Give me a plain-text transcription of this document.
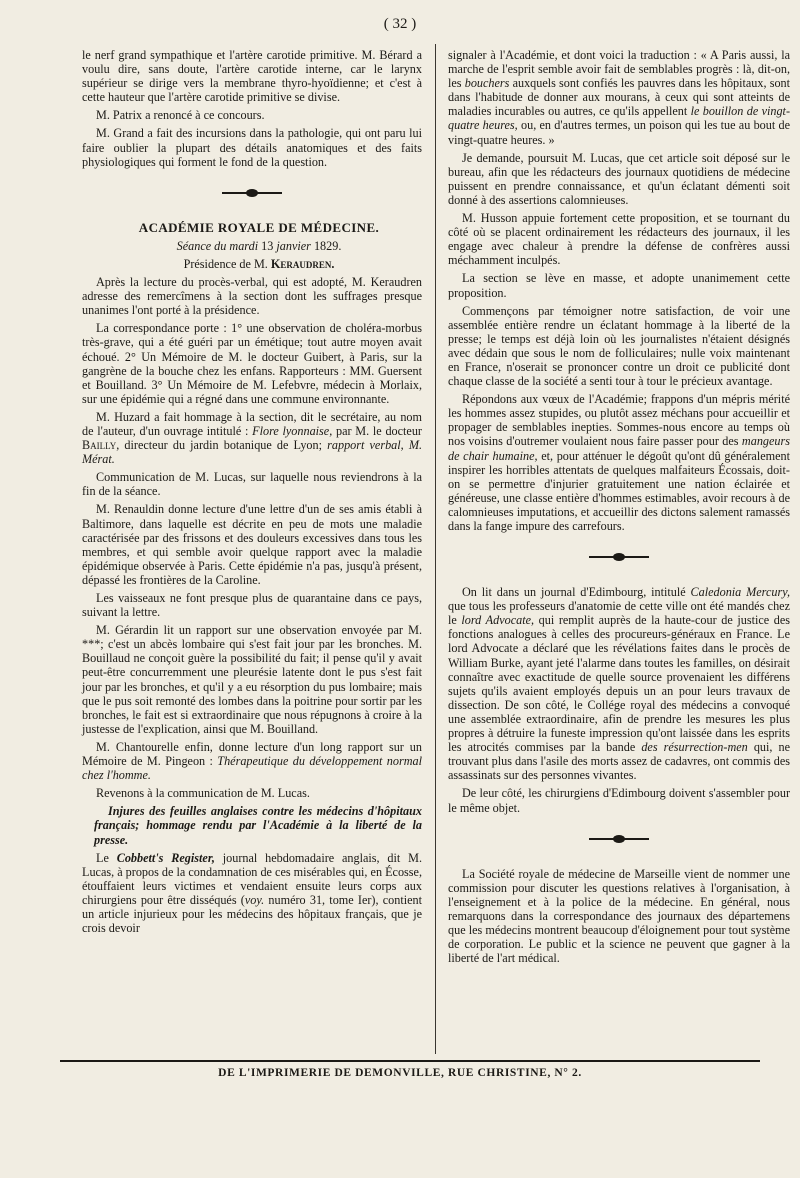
( 32 )

le nerf grand sympathique et l'artère carotide primitive. M. Bérard a voulu dire, sans doute, l'artère carotide interne, car le larynx supérieur se dirige vers la membrane thyro-hyoïdienne; et c'est à cette hauteur que l'artère carotide primitive se divise.

M. Patrix a renoncé à ce concours.

M. Grand a fait des incursions dans la pathologie, qui ont paru lui faire oublier la plupart des détails anatomiques et des faits physiologiques qui forment le fond de la question.

ACADÉMIE ROYALE DE MÉDECINE.

Séance du mardi 13 janvier 1829.

Présidence de M. Keraudren.

Après la lecture du procès-verbal, qui est adopté, M. Keraudren adresse des remercîmens à la section dont les suffrages presque unanimes l'ont porté à la présidence.

La correspondance porte : 1° une observation de choléra-morbus très-grave, qui a été guéri par un émétique; tout autre moyen avait échoué. 2° Un Mémoire de M. le docteur Guibert, à Paris, sur la gangrène de la bouche chez les enfans. Rapporteurs : MM. Guersent et Bouilland. 3° Un Mémoire de M. Lefebvre, médecin à Morlaix, sur une épidémie qui a régné dans une commune environnante.

M. Huzard a fait hommage à la section, dit le secrétaire, au nom de l'auteur, d'un ouvrage intitulé : Flore lyonnaise, par M. le docteur Bailly, directeur du jardin botanique de Lyon; rapport verbal, M. Mérat.

Communication de M. Lucas, sur laquelle nous reviendrons à la fin de la séance.

M. Renauldin donne lecture d'une lettre d'un de ses amis établi à Baltimore, dans laquelle est décrite en peu de mots une maladie caractérisée par des frissons et des douleurs excessives dans tous les membres, et qui semble avoir quelque rapport avec la maladie épidémique observée à Paris. Cette épidémie n'a pas, jusqu'à présent, dépassé les frontières de la Caroline.

Les vaisseaux ne font presque plus de quarantaine dans ce pays, suivant la lettre.

M. Gérardin lit un rapport sur une observation envoyée par M. ***; c'est un abcès lombaire qui s'est fait jour par les bronches. M. Bouillaud ne conçoit guère la possibilité du fait; il pense qu'il y avait peut-être concurremment une pleurésie latente dont le pus s'est fait jour par les bronches, et qu'il y a eu résorption du pus lombaire; mais que le pus soit remonté des lombes dans la poitrine pour sortir par les bronches, le fait est si extraordinaire que nous répugnons à croire à la justesse de l'explication, ainsi que M. Bouilland.

M. Chantourelle enfin, donne lecture d'un long rapport sur un Mémoire de M. Pingeon : Thérapeutique du développement normal chez l'homme.

Revenons à la communication de M. Lucas.

Injures des feuilles anglaises contre les médecins d'hôpitaux français; hommage rendu par l'Académie à la liberté de la presse.

Le Cobbett's Register, journal hebdomadaire anglais, dit M. Lucas, à propos de la condamnation de ces misérables qui, en Écosse, étouffaient leurs victimes et vendaient ensuite leurs corps aux chirurgiens pour être disséqués (voy. numéro 31, tome Ier), contient un article injurieux pour les médecins des hôpitaux français, que je crois devoir

signaler à l'Académie, et dont voici la traduction : « A Paris aussi, la marche de l'esprit semble avoir fait de semblables progrès : là, dit-on, les bouchers auxquels sont confiés les pauvres dans les hôpitaux, sont dans l'habitude de donner aux mourans, à ceux qui sont atteints de maladies incurables ou autres, ce qu'ils appellent le bouillon de vingt-quatre heures, ou, en d'autres termes, un poison qui les tue au bout de vingt-quatre heures. »

Je demande, poursuit M. Lucas, que cet article soit déposé sur le bureau, afin que les rédacteurs des journaux quotidiens de médecine puissent en prendre connaissance, et qu'un éclatant démenti soit donné à des assertions calomnieuses.

M. Husson appuie fortement cette proposition, et se tournant du côté où se placent ordinairement les rédacteurs des journaux, il les engage avec chaleur à prendre la défense de confrères aussi méchamment inculpés.

La section se lève en masse, et adopte unanimement cette proposition.

Commençons par témoigner notre satisfaction, de voir une assemblée entière rendre un éclatant hommage à la liberté de la presse; le temps est déjà loin où les journalistes n'étaient désignés avec dédain que sous le nom de folliculaires; nulle voix maintenant en France, n'oserait se prononcer contre un droit ce publicité dont chaque classe de la société a senti tour à tour le précieux avantage.

Répondons aux vœux de l'Académie; frappons d'un mépris mérité les hommes assez stupides, ou plutôt assez méchans pour accueillir et propager de semblables inepties. Sommes-nous encore au temps où nos voisins d'outremer voulaient nous faire passer pour des mangeurs de chair humaine, et, pour atténuer le dégoût qu'ont dû généralement inspirer les horribles attentats de quelques malfaiteurs Écossais, doit-on se permettre d'injurier gratuitement une nation éclairée et généreuse, une classe entière d'hommes estimables, avoir recours à de calomnieuses imputations, et accueillir des dictons salement ramassés dans la fange impure des carrefours.

On lit dans un journal d'Edimbourg, intitulé Caledonia Mercury, que tous les professeurs d'anatomie de cette ville ont été mandés chez le lord Advocate, qui remplit auprès de la haute-cour de justice des fonctions analogues à celles des procureurs-généraux en France. Le lord Advocate a déclaré que les révélations faites dans le procès de William Burke, ayant jeté l'alarme dans toutes les familles, on désirait connaître avec exactitude de quelle source provenaient les différens sujets qu'ils avaient employés depuis un an pour leurs travaux de dissection. De son côté, le Collége royal des médecins a convoqué une assemblée extraordinaire, afin de prendre les mesures les plus propres à détruire la funeste impression qu'ont laissée dans les esprits les atrocités commises par la bande des résurrection-men qui, ne trouvant plus dans l'asile des morts assez de cadavres, ont commis des assassinats sur des personnes vivantes.

De leur côté, les chirurgiens d'Edimbourg doivent s'assembler pour le même objet.

La Société royale de médecine de Marseille vient de nommer une commission pour discuter les questions relatives à l'organisation, à l'enseignement et à la police de la médecine. En général, nous remarquons dans la correspondance des journaux des départemens que les médecins montrent beaucoup d'éloignement pour tout système de corporation. Le public et la science ne peuvent que gagner à la liberté de l'art médical.

DE L'IMPRIMERIE DE DEMONVILLE, RUE CHRISTINE, N° 2.
